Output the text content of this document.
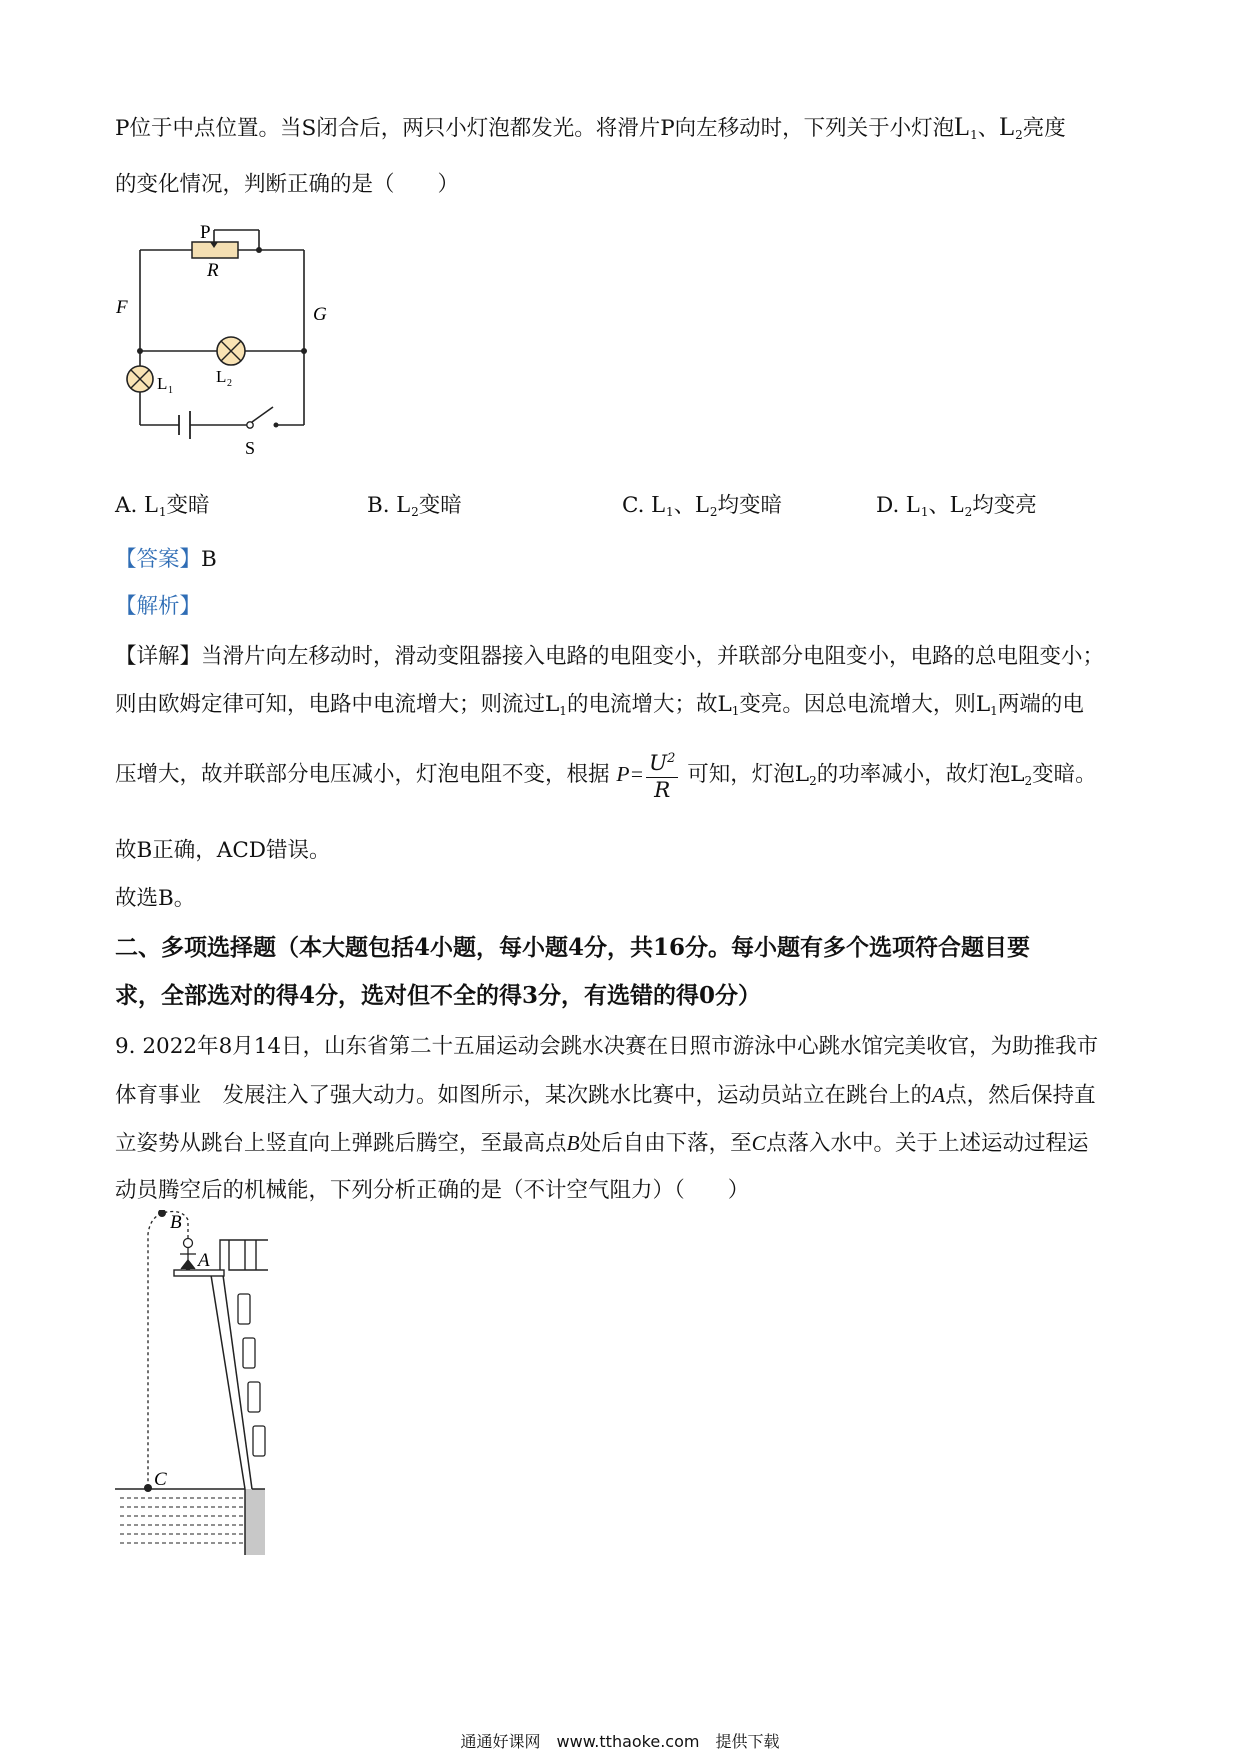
P位于中点位置。当S闭合后，两只小灯泡都发光。将滑片P向左移动时，下列关于小灯泡$L_1$、$L_2$亮度
的变化情况，判断正确的是（　　）
P
R
F	G
L 2
L 1
S
A. $L_1$变暗	B. $L_2$变暗	C. $L_1$、$L_2$均变暗	D. $L_1$、$L_2$均变亮
【答案】B
【解析】
【详解】当滑片向左移动时，滑动变阻器接入电路的电阻变小，并联部分电阻变小，电路的总电阻变小；
则由欧姆定律可知，电路中电流增大；则流过$L_1$的电流增大；故$L_1$变亮。因总电流增大，则$L_1$两端的电
压增大，故并联部分电压减小，灯泡电阻不变，根据 $P= \frac{U^2}{R}$ 可知，灯泡$L_2$的功率减小，故灯泡$L_2$变暗。
故B正确，ACD错误。
故选B。
二、多项选择题（本大题包括4小题，每小题4分，共16分。每小题有多个选项符合题目要
求，全部选对的得4分，选对但不全的得3分，有选错的得0分）
9. 2022年8月14日，山东省第二十五届运动会跳水决赛在日照市游泳中心跳水馆完美收官，为助推我市
体育事业　发展注入了强大动力。如图所示，某次跳水比赛中，运动员站立在跳台上的A点，然后保持直
立姿势从跳台上竖直向上弹跳后腾空，至最高点B处后自由下落，至C点落入水中。关于上述运动过程运
动员腾空后的机械能，下列分析正确的是（不计空气阻力）（　　）
B
A
C
通通好课网　www.tthaoke.com　提供下载
